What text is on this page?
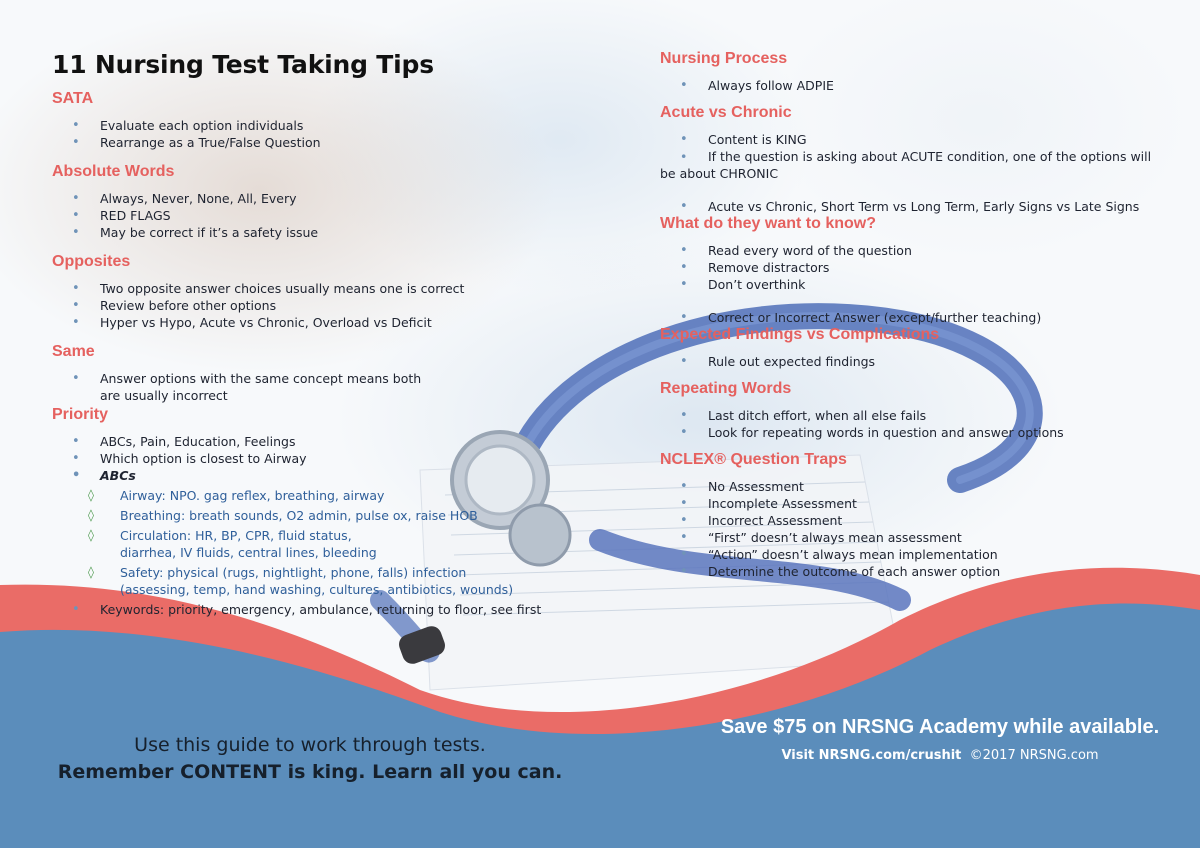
11 Nursing Test Taking Tips
SATA
• Evaluate each option individuals
• Rearrange as a True/False Question
Absolute Words
• Always, Never, None, All, Every
• RED FLAGS
• May be correct if it’s a safety issue
Opposites
• Two opposite answer choices usually means one is correct
• Review before other options
• Hyper vs Hypo, Acute vs Chronic, Overload vs Deficit
Same
• Answer options with the same concept means both are usually incorrect
Priority
• ABCs, Pain, Education, Feelings
• Which option is closest to Airway
• ABCs
◊ Airway: NPO. gag reflex, breathing, airway
◊ Breathing: breath sounds, O2 admin, pulse ox, raise HOB
◊ Circulation: HR, BP, CPR, fluid status, diarrhea, IV fluids, central lines, bleeding
◊ Safety: physical (rugs, nightlight, phone, falls) infection (assessing, temp, hand washing, cultures, antibiotics, wounds)
• Keywords: priority, emergency, ambulance, returning to floor, see first
Nursing Process
• Always follow ADPIE
Acute vs Chronic
• Content is KING
• If the question is asking about ACUTE condition, one of the options will be about CHRONIC
• Acute vs Chronic, Short Term vs Long Term, Early Signs vs Late Signs
What do they want to know?
• Read every word of the question
• Remove distractors
• Don’t overthink
• Correct or Incorrect Answer (except/further teaching)
Expected Findings vs Complications
• Rule out expected findings
Repeating Words
• Last ditch effort, when all else fails
• Look for repeating words in question and answer options
NCLEX® Question Traps
• No Assessment
• Incomplete Assessment
• Incorrect Assessment
• “First” doesn’t always mean assessment
• “Action” doesn’t always mean implementation
• Determine the outcome of each answer option
Use this guide to work through tests.
Remember CONTENT is king. Learn all you can.
Save $75 on NRSNG Academy while available.
Visit NRSNG.com/crushit ©2017 NRSNG.com
